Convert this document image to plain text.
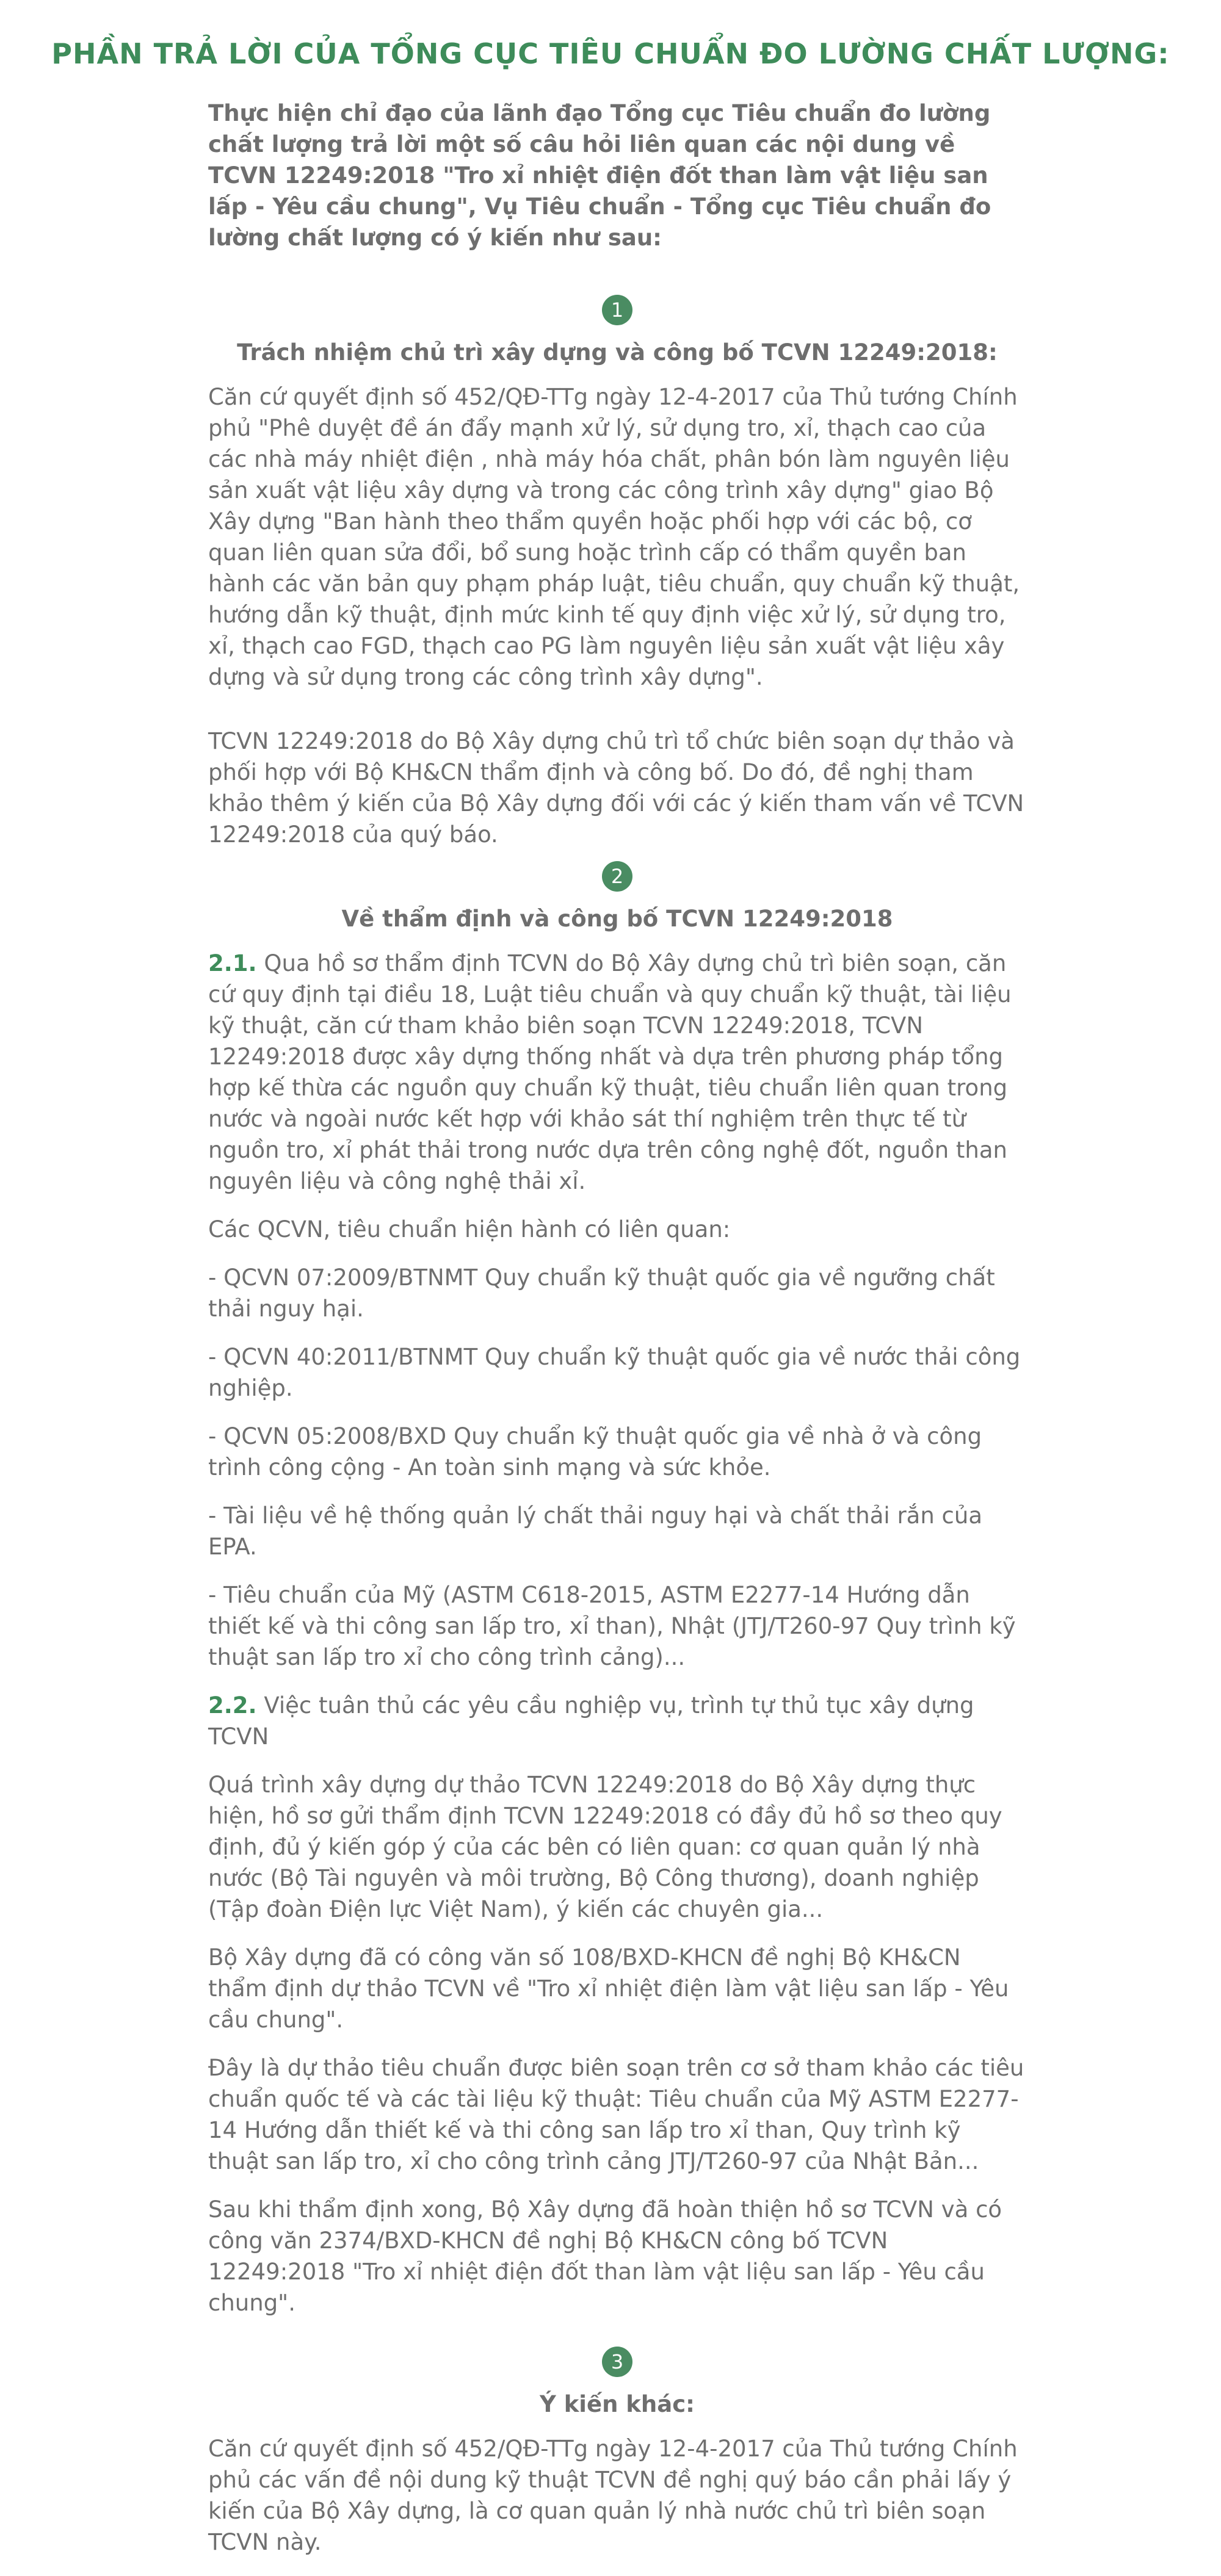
PHẦN TRẢ LỜI CỦA TỔNG CỤC TIÊU CHUẨN ĐO LƯỜNG CHẤT LƯỢNG:

Thực hiện chỉ đạo của lãnh đạo Tổng cục Tiêu chuẩn đo lường chất lượng trả lời một số câu hỏi liên quan các nội dung về TCVN 12249:2018 "Tro xỉ nhiệt điện đốt than làm vật liệu san lấp - Yêu cầu chung", Vụ Tiêu chuẩn - Tổng cục Tiêu chuẩn đo lường chất lượng có ý kiến như sau:

1

Trách nhiệm chủ trì xây dựng và công bố TCVN 12249:2018:

Căn cứ quyết định số 452/QĐ-TTg ngày 12-4-2017 của Thủ tướng Chính phủ "Phê duyệt đề án đẩy mạnh xử lý, sử dụng tro, xỉ, thạch cao của các nhà máy nhiệt điện , nhà máy hóa chất, phân bón làm nguyên liệu sản xuất vật liệu xây dựng và trong các công trình xây dựng" giao Bộ Xây dựng "Ban hành theo thẩm quyền hoặc phối hợp với các bộ, cơ quan liên quan sửa đổi, bổ sung hoặc trình cấp có thẩm quyền ban hành các văn bản quy phạm pháp luật, tiêu chuẩn, quy chuẩn kỹ thuật, hướng dẫn kỹ thuật, định mức kinh tế quy định việc xử lý, sử dụng tro, xỉ, thạch cao FGD, thạch cao PG làm nguyên liệu sản xuất vật liệu xây dựng và sử dụng trong các công trình xây dựng".

TCVN 12249:2018 do Bộ Xây dựng chủ trì tổ chức biên soạn dự thảo và phối hợp với Bộ KH&CN thẩm định và công bố. Do đó, đề nghị tham khảo thêm ý kiến của Bộ Xây dựng đối với các ý kiến tham vấn về TCVN 12249:2018 của quý báo.

2

Về thẩm định và công bố TCVN 12249:2018

2.1. Qua hồ sơ thẩm định TCVN do Bộ Xây dựng chủ trì biên soạn, căn cứ quy định tại điều 18, Luật tiêu chuẩn và quy chuẩn kỹ thuật, tài liệu kỹ thuật, căn cứ tham khảo biên soạn TCVN 12249:2018, TCVN 12249:2018 được xây dựng thống nhất và dựa trên phương pháp tổng hợp kế thừa các nguồn quy chuẩn kỹ thuật, tiêu chuẩn liên quan trong nước và ngoài nước kết hợp với khảo sát thí nghiệm trên thực tế từ nguồn tro, xỉ phát thải trong nước dựa trên công nghệ đốt, nguồn than nguyên liệu và công nghệ thải xỉ.

Các QCVN, tiêu chuẩn hiện hành có liên quan:

- QCVN 07:2009/BTNMT Quy chuẩn kỹ thuật quốc gia về ngưỡng chất thải nguy hại.

- QCVN 40:2011/BTNMT Quy chuẩn kỹ thuật quốc gia về nước thải công nghiệp.

- QCVN 05:2008/BXD Quy chuẩn kỹ thuật quốc gia về nhà ở và công trình công cộng - An toàn sinh mạng và sức khỏe.

- Tài liệu về hệ thống quản lý chất thải nguy hại và chất thải rắn của EPA.

- Tiêu chuẩn của Mỹ (ASTM C618-2015, ASTM E2277-14 Hướng dẫn thiết kế và thi công san lấp tro, xỉ than), Nhật (JTJ/T260-97 Quy trình kỹ thuật san lấp tro xỉ cho công trình cảng)...

2.2. Việc tuân thủ các yêu cầu nghiệp vụ, trình tự thủ tục xây dựng TCVN

Quá trình xây dựng dự thảo TCVN 12249:2018 do Bộ Xây dựng thực hiện, hồ sơ gửi thẩm định TCVN 12249:2018 có đầy đủ hồ sơ theo quy định, đủ ý kiến góp ý của các bên có liên quan: cơ quan quản lý nhà nước (Bộ Tài nguyên và môi trường, Bộ Công thương), doanh nghiệp (Tập đoàn Điện lực Việt Nam), ý kiến các chuyên gia...

Bộ Xây dựng đã có công văn số 108/BXD-KHCN đề nghị Bộ KH&CN thẩm định dự thảo TCVN về "Tro xỉ nhiệt điện làm vật liệu san lấp - Yêu cầu chung".

Đây là dự thảo tiêu chuẩn được biên soạn trên cơ sở tham khảo các tiêu chuẩn quốc tế và các tài liệu kỹ thuật: Tiêu chuẩn của Mỹ ASTM E2277-14 Hướng dẫn thiết kế và thi công san lấp tro xỉ than, Quy trình kỹ thuật san lấp tro, xỉ cho công trình cảng JTJ/T260-97 của Nhật Bản...

Sau khi thẩm định xong, Bộ Xây dựng đã hoàn thiện hồ sơ TCVN và có công văn 2374/BXD-KHCN đề nghị Bộ KH&CN công bố TCVN 12249:2018 "Tro xỉ nhiệt điện đốt than làm vật liệu san lấp - Yêu cầu chung".

3

Ý kiến khác:

Căn cứ quyết định số 452/QĐ-TTg ngày 12-4-2017 của Thủ tướng Chính phủ các vấn đề nội dung kỹ thuật TCVN đề nghị quý báo cần phải lấy ý kiến của Bộ Xây dựng, là cơ quan quản lý nhà nước chủ trì biên soạn TCVN này.
